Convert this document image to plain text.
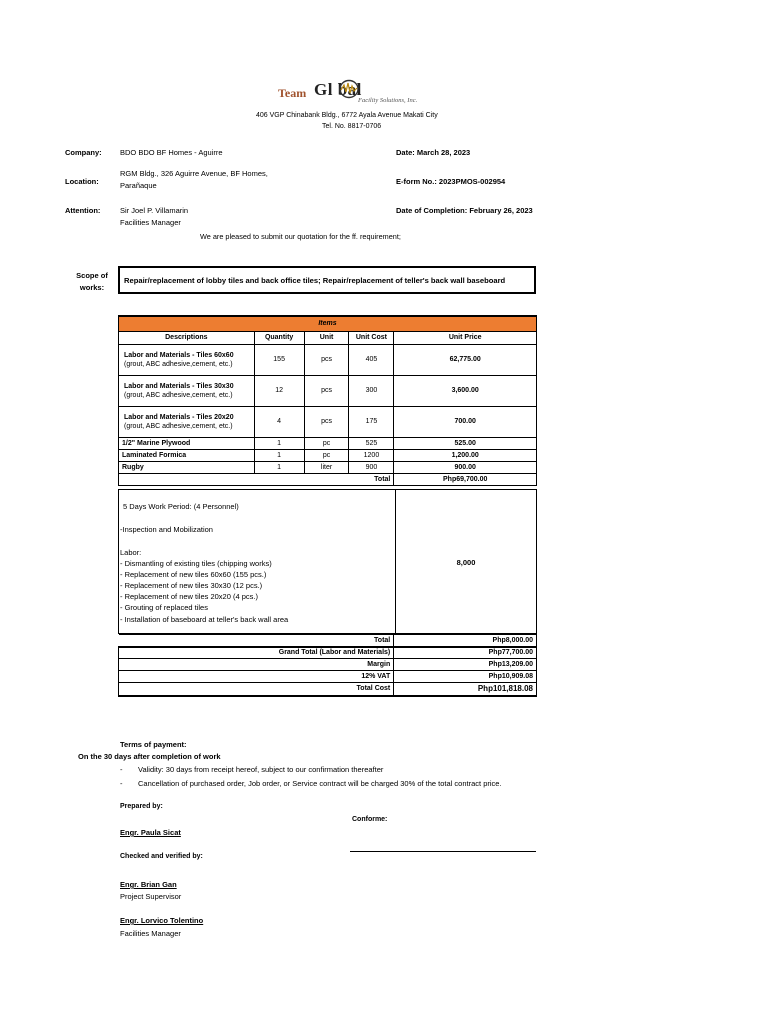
Team Gl bal
Facility Solutions, Inc.
406 VGP Chinabank Bldg., 6772 Ayala Avenue Makati City
Tel. No. 8817-0706
Company: BDO BDO BF Homes - Aguirre	Date: March 28, 2023
Location:
RGM Bldg., 326 Aguirre Avenue, BF Homes,
Parañaque	E-form No.: 2023PMOS-002954
Attention:	Sir Joel P. Villamarin
Facilities Manager
Date of Completion: February 26, 2023
We are pleased to submit our quotation for the ff. requirement;
Scope of
works:
Repair/replacement of lobby tiles and back office tiles; Repair/replacement of teller's back wall baseboard
Items				
Descriptions	Quantity	Unit	Unit Cost	Unit Price

Labor and Materials - Tiles 60x60
(grout, ABC adhesive,cement, etc.)	155	pcs	405	62,775.00

Labor and Materials - Tiles 30x30
(grout, ABC adhesive,cement, etc.)	12	pcs	300	3,600.00

Labor and Materials - Tiles 20x20
(grout, ABC adhesive,cement, etc.)	4	pcs	175	700.00
1/2" Marine Plywood	1	pc	525	525.00
Laminated Formica	1	pc	1200	1,200.00
Rugby	1	liter	900	900.00
Total				Php69,700.00
5 Days Work Period: (4 Personnel)
-Inspection and Mobilization
Labor:
- Dismantling of existing tiles (chipping works)
- Replacement of new tiles 60x60 (155 pcs.)
- Replacement of new tiles 30x30 (12 pcs.)
- Replacement of new tiles 20x20 (4 pcs.)
- Grouting of replaced tiles
- Installation of baseboard at teller's back wall area
8,000
Total	Php8,000.00
Grand Total (Labor and Materials)	Php77,700.00
Margin	Php13,209.00
12% VAT	Php10,909.08
Total Cost	Php101,818.08
Terms of payment:
On the 30 days after completion of work
- Validity: 30 days from receipt hereof, subject to our confirmation thereafter
- Cancellation of purchased order, Job order, or Service contract will be charged 30% of the total contract price.
Prepared by:
Conforme:
Engr. Paula Sicat
Checked and verified by:
Engr. Brian Gan
Project Supervisor
Engr. Lorvico Tolentino
Facilities Manager
